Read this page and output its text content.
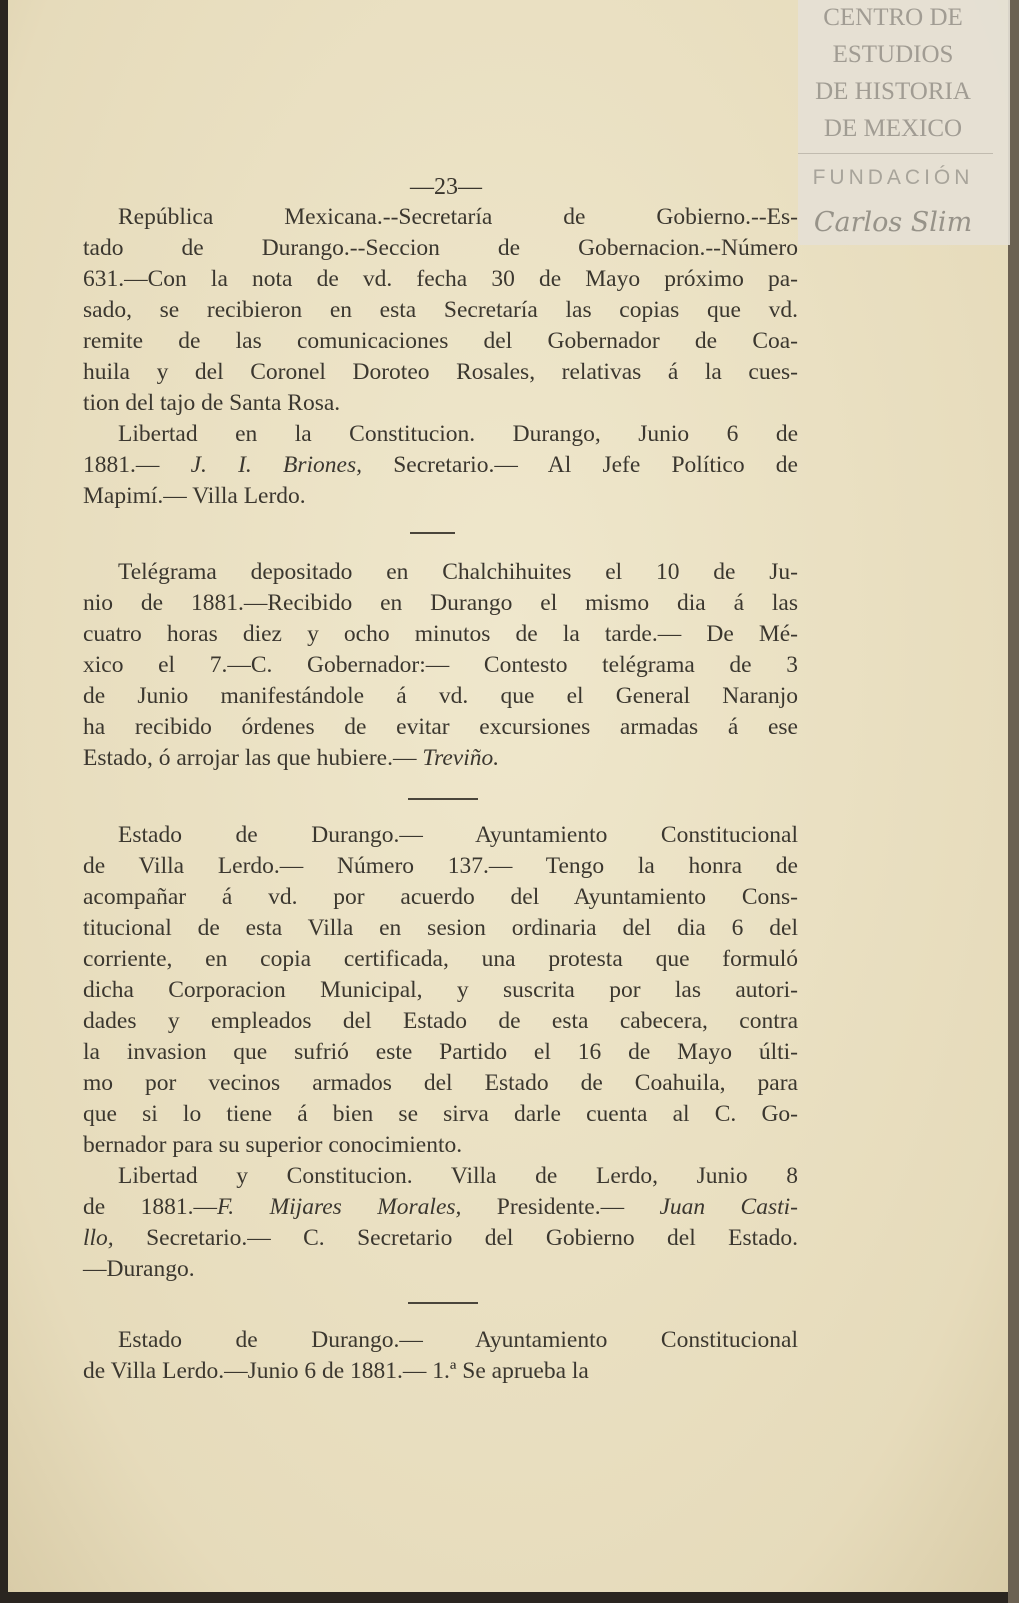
CENTRO DE
ESTUDIOS
DE HISTORIA
DE MEXICO
FUNDACIÓN
Carlos Slim
—23—
República Mexicana.--Secretaría de Gobierno.--Es-
tado de Durango.--Seccion de Gobernacion.--Número
631.—Con la nota de vd. fecha 30 de Mayo próximo pa-
sado, se recibieron en esta Secretaría las copias que vd.
remite de las comunicaciones del Gobernador de Coa-
huila y del Coronel Doroteo Rosales, relativas á la cues-
tion del tajo de Santa Rosa.
Libertad en la Constitucion. Durango, Junio 6 de
1881.— J. I. Briones, Secretario.— Al Jefe Político de
Mapimí.— Villa Lerdo.
Telégrama depositado en Chalchihuites el 10 de Ju-
nio de 1881.—Recibido en Durango el mismo dia á las
cuatro horas diez y ocho minutos de la tarde.— De Mé-
xico el 7.—C. Gobernador:— Contesto telégrama de 3
de Junio manifestándole á vd. que el General Naranjo
ha recibido órdenes de evitar excursiones armadas á ese
Estado, ó arrojar las que hubiere.— Treviño.
Estado de Durango.— Ayuntamiento Constitucional
de Villa Lerdo.— Número 137.— Tengo la honra de
acompañar á vd. por acuerdo del Ayuntamiento Cons-
titucional de esta Villa en sesion ordinaria del dia 6 del
corriente, en copia certificada, una protesta que formuló
dicha Corporacion Municipal, y suscrita por las autori-
dades y empleados del Estado de esta cabecera, contra
la invasion que sufrió este Partido el 16 de Mayo últi-
mo por vecinos armados del Estado de Coahuila, para
que si lo tiene á bien se sirva darle cuenta al C. Go-
bernador para su superior conocimiento.
Libertad y Constitucion. Villa de Lerdo, Junio 8
de 1881.—F. Mijares Morales, Presidente.— Juan Casti-
llo, Secretario.— C. Secretario del Gobierno del Estado.
—Durango.
Estado de Durango.— Ayuntamiento Constitucional
de Villa Lerdo.—Junio 6 de 1881.— 1.ª Se aprueba la
